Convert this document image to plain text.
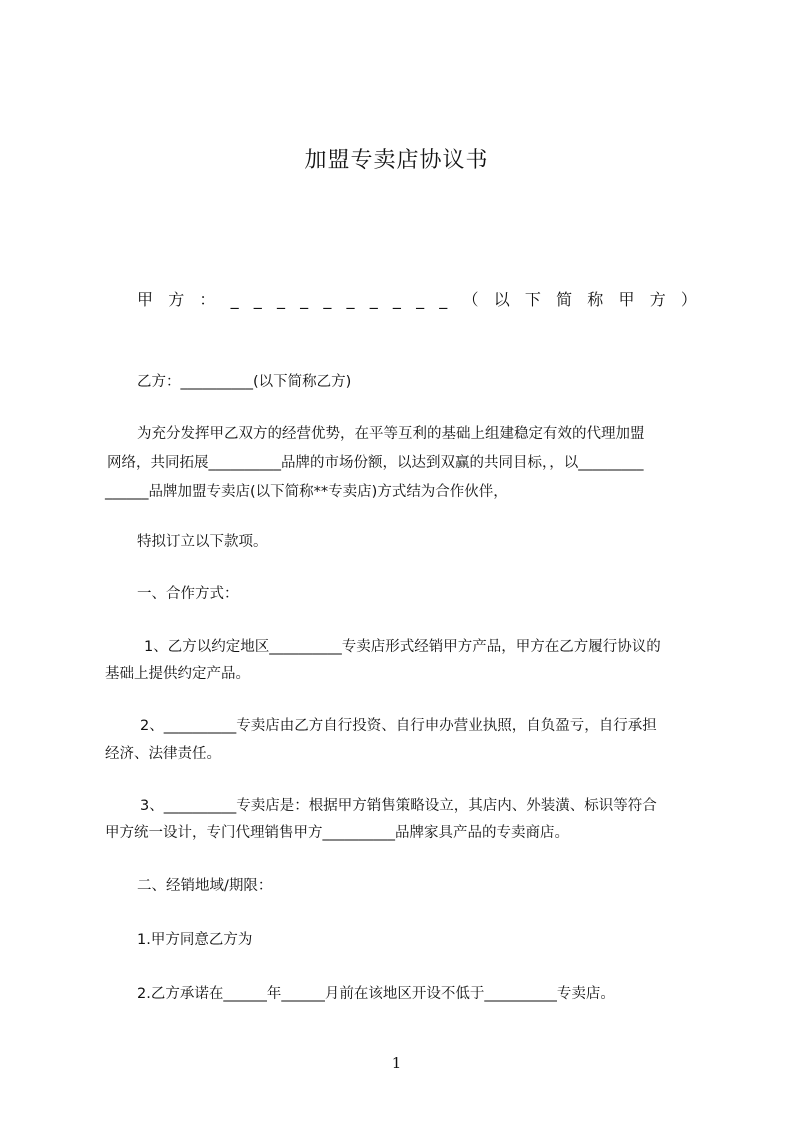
加盟专卖店协议书
甲 方 ： _ _ _ _ _ _ _ _ _ _ （ 以 下 简 称 甲 方 ）
乙方：__________(以下简称乙方)
为充分发挥甲乙双方的经营优势，在平等互利的基础上组建稳定有效的代理加盟
网络，共同拓展__________品牌的市场份额，以达到双赢的共同目标，，以_________
______品牌加盟专卖店(以下简称**专卖店)方式结为合作伙伴，
特拟订立以下款项。
一、合作方式：
1、乙方以约定地区__________专卖店形式经销甲方产品，甲方在乙方履行协议的
基础上提供约定产品。
2、__________专卖店由乙方自行投资、自行申办营业执照，自负盈亏，自行承担
经济、法律责任。
3、__________专卖店是：根据甲方销售策略设立，其店内、外装潢、标识等符合
甲方统一设计，专门代理销售甲方__________品牌家具产品的专卖商店。
二、经销地域/期限：
1.甲方同意乙方为
2.乙方承诺在______年______月前在该地区开设不低于__________专卖店。
1
